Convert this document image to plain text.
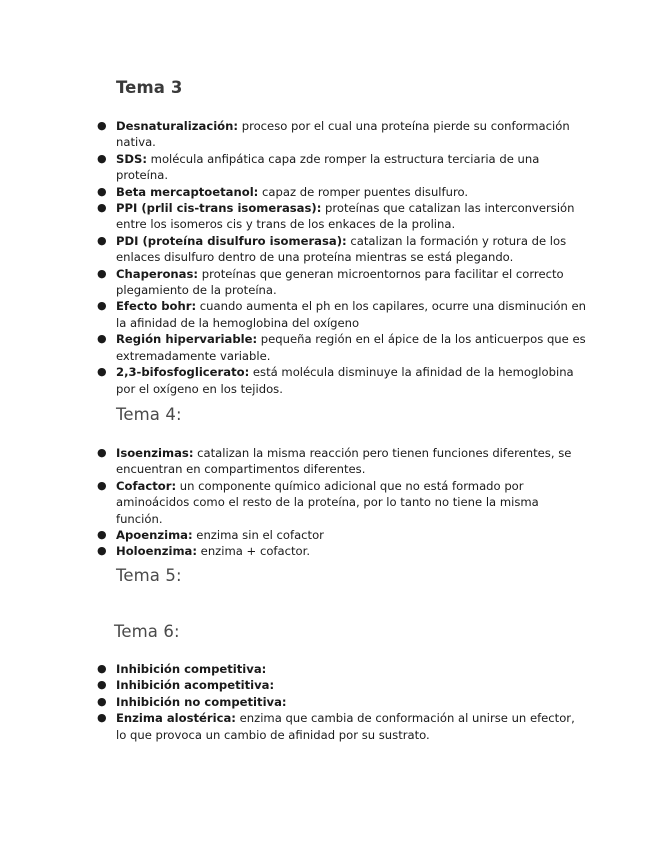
Tema 3
● Desnaturalización: proceso por el cual una proteína pierde su conformación nativa.
● SDS: molécula anfipática capa zde romper la estructura terciaria de una proteína.
● Beta mercaptoetanol: capaz de romper puentes disulfuro.
● PPI (prlil cis-trans isomerasas): proteínas que catalizan las interconversión entre los isomeros cis y trans de los enkaces de la prolina.
● PDI (proteína disulfuro isomerasa): catalizan la formación y rotura de los enlaces disulfuro dentro de una proteína mientras se está plegando.
● Chaperonas: proteínas que generan microentornos para facilitar el correcto plegamiento de la proteína.
● Efecto bohr: cuando aumenta el ph en los capilares, ocurre una disminución en la afinidad de la hemoglobina del oxígeno
● Región hipervariable: pequeña región en el ápice de la los anticuerpos que es extremadamente variable.
● 2,3-bifosfoglicerato: está molécula disminuye la afinidad de la hemoglobina por el oxígeno en los tejidos.
Tema 4:
● Isoenzimas: catalizan la misma reacción pero tienen funciones diferentes, se encuentran en compartimentos diferentes.
● Cofactor: un componente químico adicional que no está formado por aminoácidos como el resto de la proteína, por lo tanto no tiene la misma función.
● Apoenzima: enzima sin el cofactor
● Holoenzima: enzima + cofactor.
Tema 5:
Tema 6:
● Inhibición competitiva:
● Inhibición acompetitiva:
● Inhibición no competitiva:
● Enzima alostérica: enzima que cambia de conformación al unirse un efector, lo que provoca un cambio de afinidad por su sustrato.
